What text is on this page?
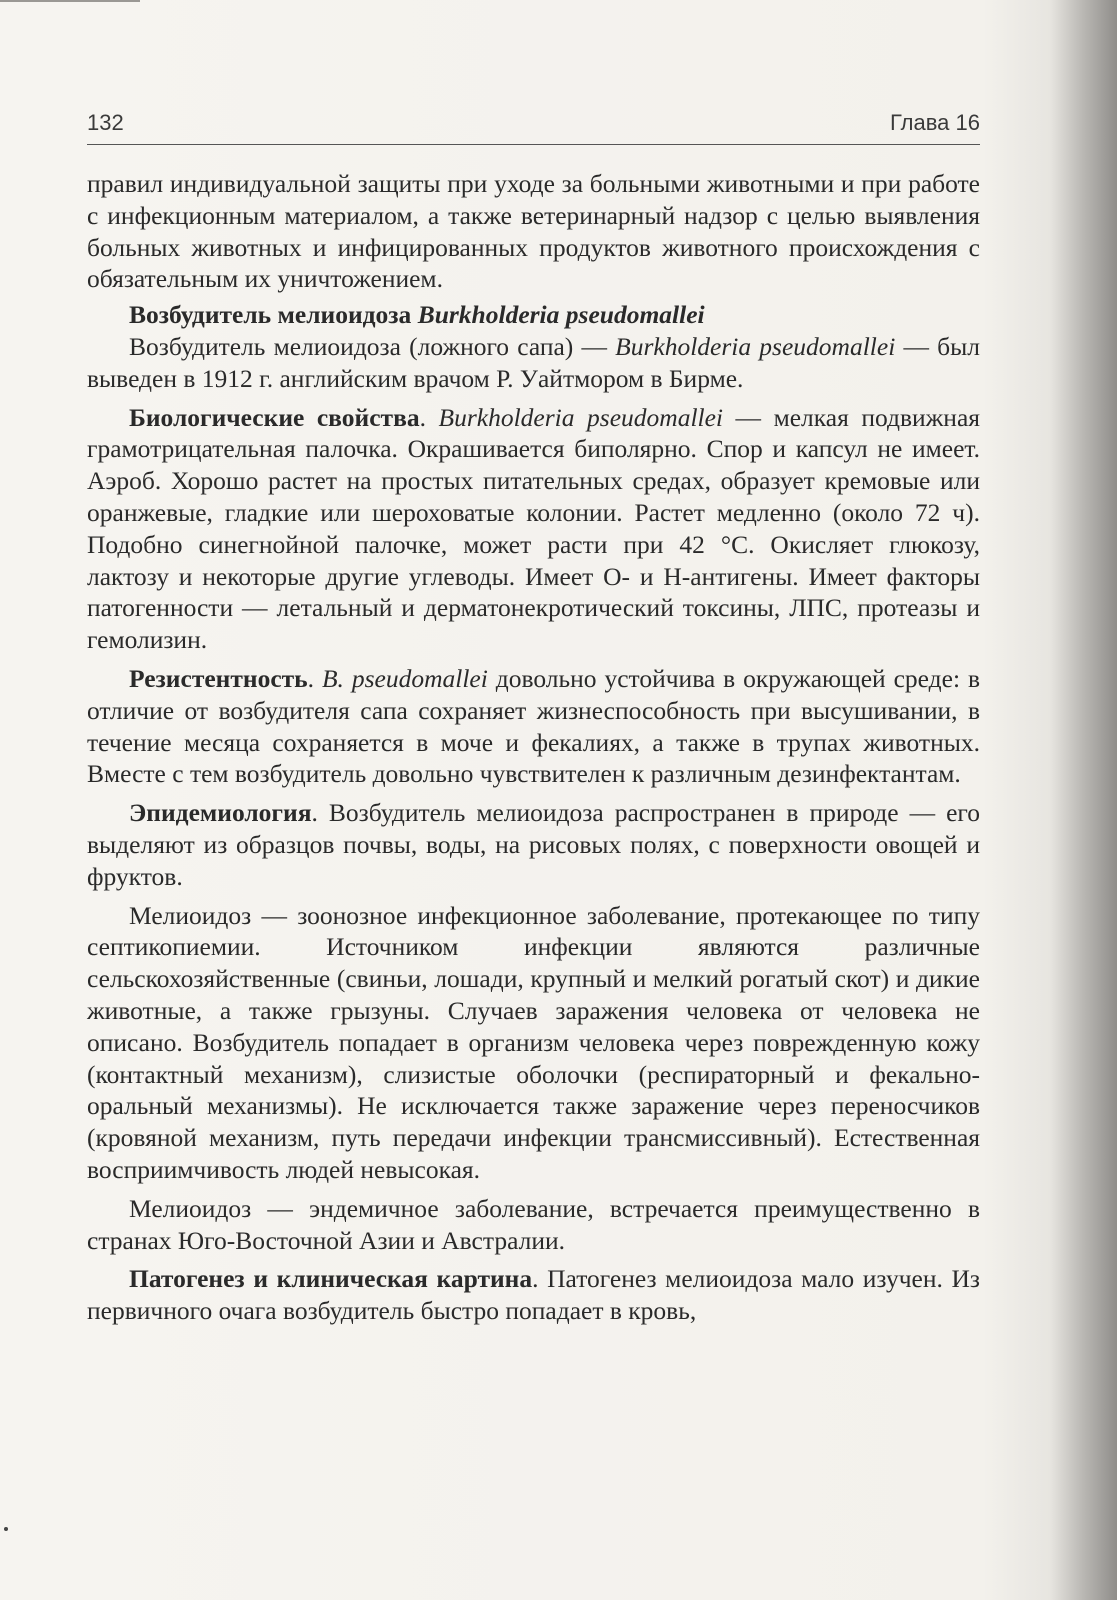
132	Глава 16

правил индивидуальной защиты при уходе за больными животными и при работе с инфекционным материалом, а также ветеринарный надзор с целью выявления больных животных и инфицированных продуктов животного происхождения с обязательным их уничтожением.

Возбудитель мелиоидоза Burkholderia pseudomallei

Возбудитель мелиоидоза (ложного сапа) — Burkholderia pseudomallei — был выведен в 1912 г. английским врачом Р. Уайтмором в Бирме.

Биологические свойства. Burkholderia pseudomallei — мелкая подвижная грамотрицательная палочка. Окрашивается биполярно. Спор и капсул не имеет. Аэроб. Хорошо растет на простых питательных средах, образует кремовые или оранжевые, гладкие или шероховатые колонии. Растет медленно (около 72 ч). Подобно синегнойной палочке, может расти при 42 °С. Окисляет глюкозу, лактозу и некоторые другие углеводы. Имеет О- и Н-антигены. Имеет факторы патогенности — летальный и дерматонекротический токсины, ЛПС, протеазы и гемолизин.

Резистентность. B. pseudomallei довольно устойчива в окружающей среде: в отличие от возбудителя сапа сохраняет жизнеспособность при высушивании, в течение месяца сохраняется в моче и фекалиях, а также в трупах животных. Вместе с тем возбудитель довольно чувствителен к различным дезинфектантам.

Эпидемиология. Возбудитель мелиоидоза распространен в природе — его выделяют из образцов почвы, воды, на рисовых полях, с поверхности овощей и фруктов.

Мелиоидоз — зоонозное инфекционное заболевание, протекающее по типу септикопиемии. Источником инфекции являются различные сельскохозяйственные (свиньи, лошади, крупный и мелкий рогатый скот) и дикие животные, а также грызуны. Случаев заражения человека от человека не описано. Возбудитель попадает в организм человека через поврежденную кожу (контактный механизм), слизистые оболочки (респираторный и фекально-оральный механизмы). Не исключается также заражение через переносчиков (кровяной механизм, путь передачи инфекции трансмиссивный). Естественная восприимчивость людей невысокая.

Мелиоидоз — эндемичное заболевание, встречается преимущественно в странах Юго-Восточной Азии и Австралии.

Патогенез и клиническая картина. Патогенез мелиоидоза мало изучен. Из первичного очага возбудитель быстро попадает в кровь,
